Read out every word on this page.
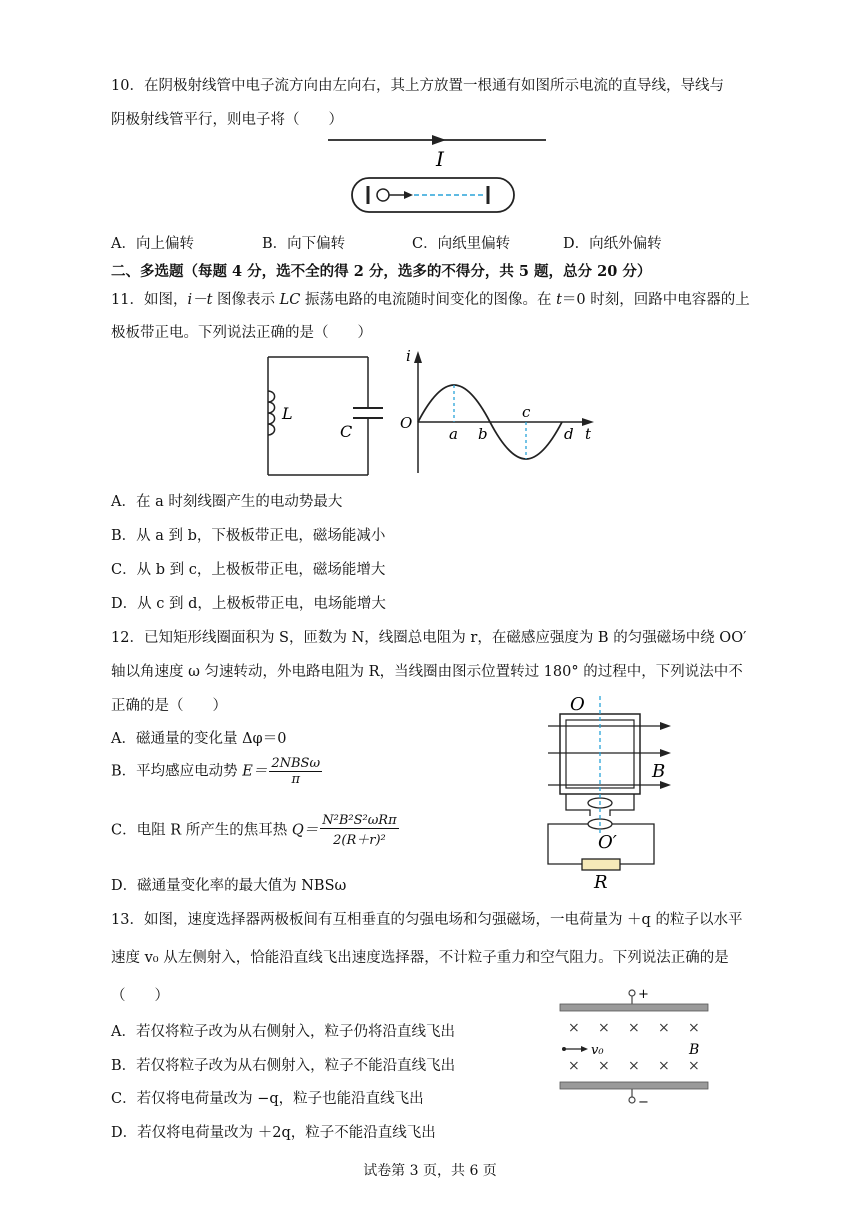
10．在阴极射线管中电子流方向由左向右，其上方放置一根通有如图所示电流的直导线，导线与
阴极射线管平行，则电子将（　　）
I
A．向上偏转	B．向下偏转	C．向纸里偏转	D．向纸外偏转
二、多选题（每题 4 分，选不全的得 2 分，选多的不得分，共 5 题，总分 20 分）
11．如图，i－t 图像表示 LC 振荡电路的电流随时间变化的图像。在 t＝0 时刻，回路中电容器的上
极板带正电。下列说法正确的是（　　）
L
C
i
t
O
a b
c
d
A．在 a 时刻线圈产生的电动势最大
B．从 a 到 b，下极板带正电，磁场能减小
C．从 b 到 c，上极板带正电，磁场能增大
D．从 c 到 d，上极板带正电，电场能增大
12．已知矩形线圈面积为 S，匝数为 N，线圈总电阻为 r，在磁感应强度为 B 的匀强磁场中绕 OO′
轴以角速度 ω 匀速转动，外电路电阻为 R，当线圈由图示位置转过 180° 的过程中，下列说法中不
正确的是（　　）
A．磁通量的变化量 Δφ＝0
B．平均感应电动势 $E= \frac{\text{2NBSω}}{\pi}$
C．电阻 R 所产生的焦耳热 $Q= \frac{\text{N²B²S²ωRπ}}{\text{2(R＋r)²}}$
D．磁通量变化率的最大值为 NBSω
O
B
O′
R
13．如图，速度选择器两极板间有互相垂直的匀强电场和匀强磁场，一电荷量为 ＋q 的粒子以水平
速度 v₀ 从左侧射入，恰能沿直线飞出速度选择器，不计粒子重力和空气阻力。下列说法正确的是
（　　）
A．若仅将粒子改为从右侧射入，粒子仍将沿直线飞出
B．若仅将粒子改为从右侧射入，粒子不能沿直线飞出
C．若仅将电荷量改为 −q，粒子也能沿直线飞出
D．若仅将电荷量改为 ＋2q，粒子不能沿直线飞出
+
× × × × ×
× × × × ×
v₀	B
−
试卷第 3 页，共 6 页
